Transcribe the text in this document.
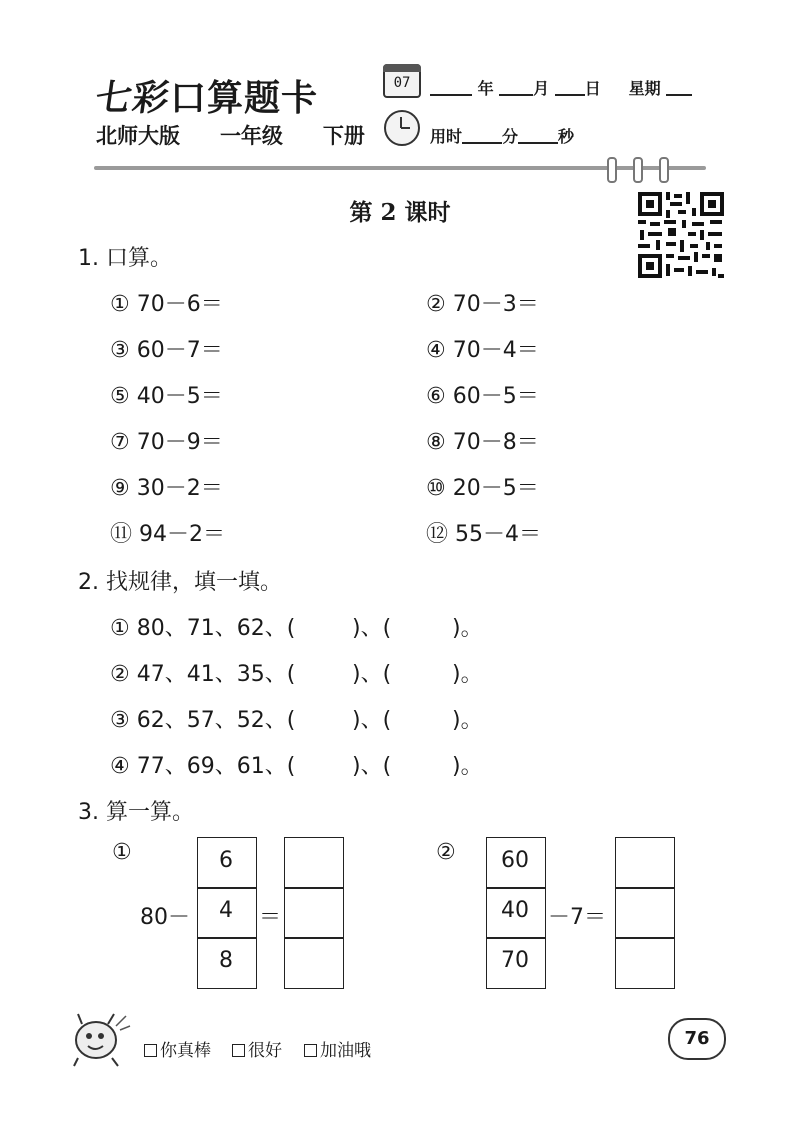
七彩口算题卡
北师大版 一年级 下册
07	年 月 日 星期
用时	分	秒
第 2 课时
1. 口算。
① 70－6＝	② 70－3＝
③ 60－7＝	④ 70－4＝
⑤ 40－5＝	⑥ 60－5＝
⑦ 70－9＝	⑧ 70－8＝
⑨ 30－2＝	⑩ 20－5＝
⑪ 94－2＝	⑫ 55－4＝
2. 找规律，填一填。
① 80、71、62、(	)、(	)。
② 47、41、35、(	)、(	)。
③ 62、57、52、(	)、(	)。
④ 77、69、61、(	)、(	)。
3. 算一算。
①
80－
6
4
8
＝
②	60
40
70
－7＝
你真棒	很好	加油哦
76
